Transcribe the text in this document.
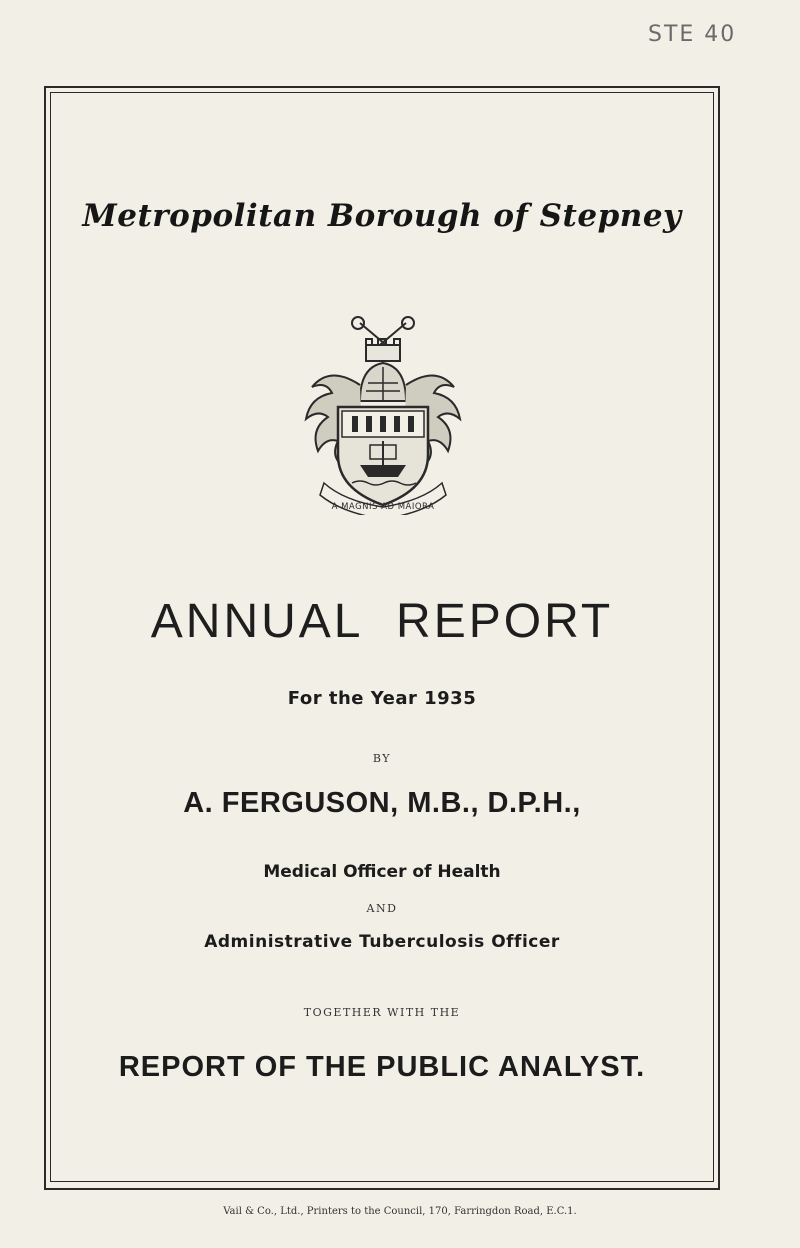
STE 40
Metropolitan Borough of Stepney
A MAGNIS AD MAIORA
ANNUAL REPORT
For the Year 1935
BY
A. FERGUSON, M.B., D.P.H.,
Medical Officer of Health
AND
Administrative Tuberculosis Officer
TOGETHER WITH THE
REPORT OF THE PUBLIC ANALYST.
Vail & Co., Ltd., Printers to the Council, 170, Farringdon Road, E.C.1.
